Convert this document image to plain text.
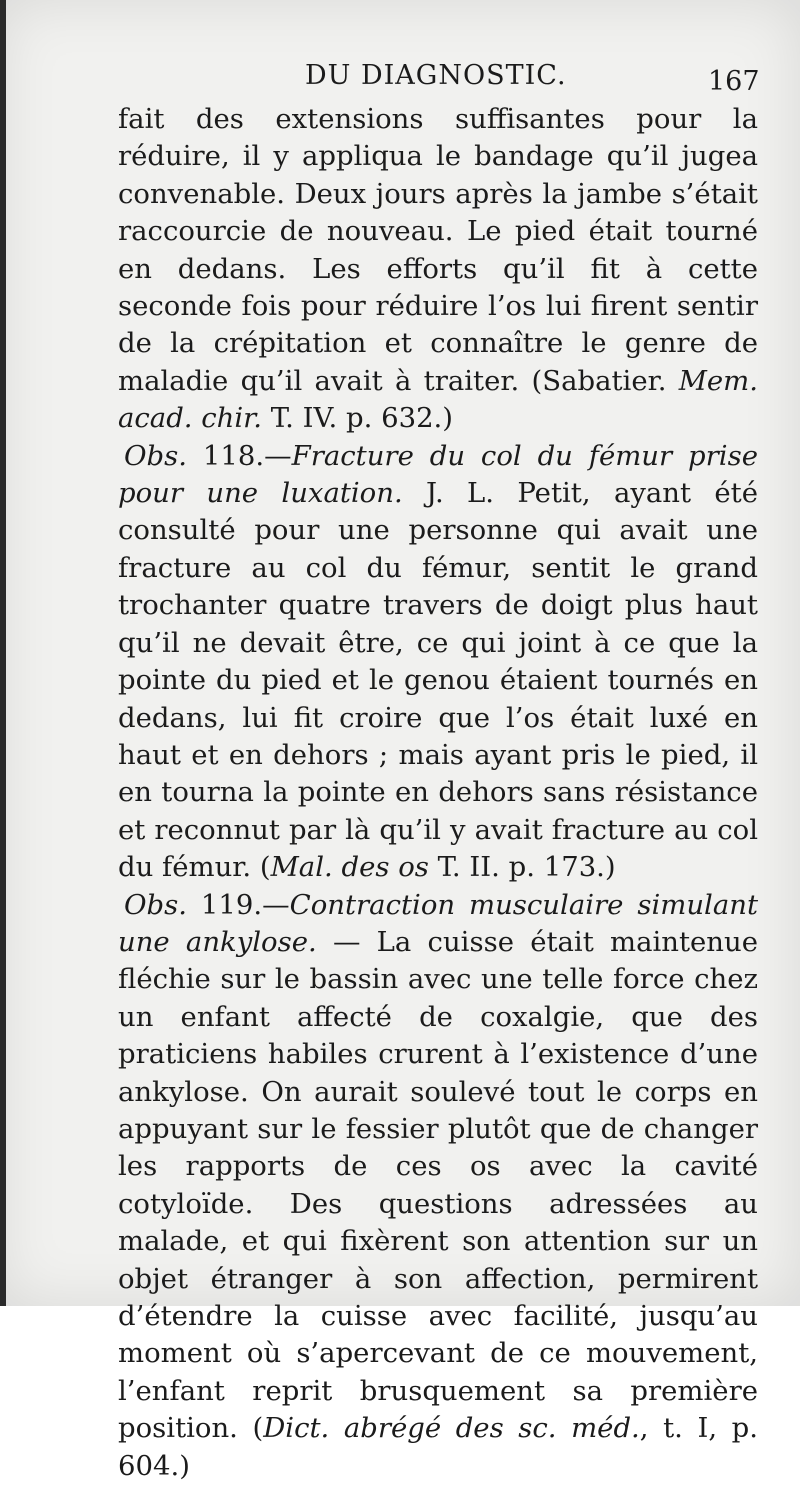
DU DIAGNOSTIC.	167

fait des extensions suffisantes pour la réduire, il y appliqua le bandage qu’il jugea convenable. Deux jours après la jambe s’était raccourcie de nouveau. Le pied était tourné en dedans. Les efforts qu’il fit à cette seconde fois pour réduire l’os lui firent sentir de la crépitation et connaître le genre de maladie qu’il avait à traiter. (Sabatier. Mem. acad. chir. T. IV. p. 632.)

Obs. 118.—Fracture du col du fémur prise pour une luxation. J. L. Petit, ayant été consulté pour une personne qui avait une fracture au col du fémur, sentit le grand trochanter quatre travers de doigt plus haut qu’il ne devait être, ce qui joint à ce que la pointe du pied et le genou étaient tournés en dedans, lui fit croire que l’os était luxé en haut et en dehors ; mais ayant pris le pied, il en tourna la pointe en dehors sans résistance et reconnut par là qu’il y avait fracture au col du fémur. (Mal. des os T. II. p. 173.)

Obs. 119.—Contraction musculaire simulant une ankylose. — La cuisse était maintenue fléchie sur le bassin avec une telle force chez un enfant affecté de coxalgie, que des praticiens habiles crurent à l’existence d’une ankylose. On aurait soulevé tout le corps en appuyant sur le fessier plutôt que de changer les rapports de ces os avec la cavité cotyloïde. Des questions adressées au malade, et qui fixèrent son attention sur un objet étranger à son affection, permirent d’étendre la cuisse avec facilité, jusqu’au moment où s’apercevant de ce mouvement, l’enfant reprit brusquement sa première position. (Dict. abrégé des sc. méd., t. I, p. 604.)
